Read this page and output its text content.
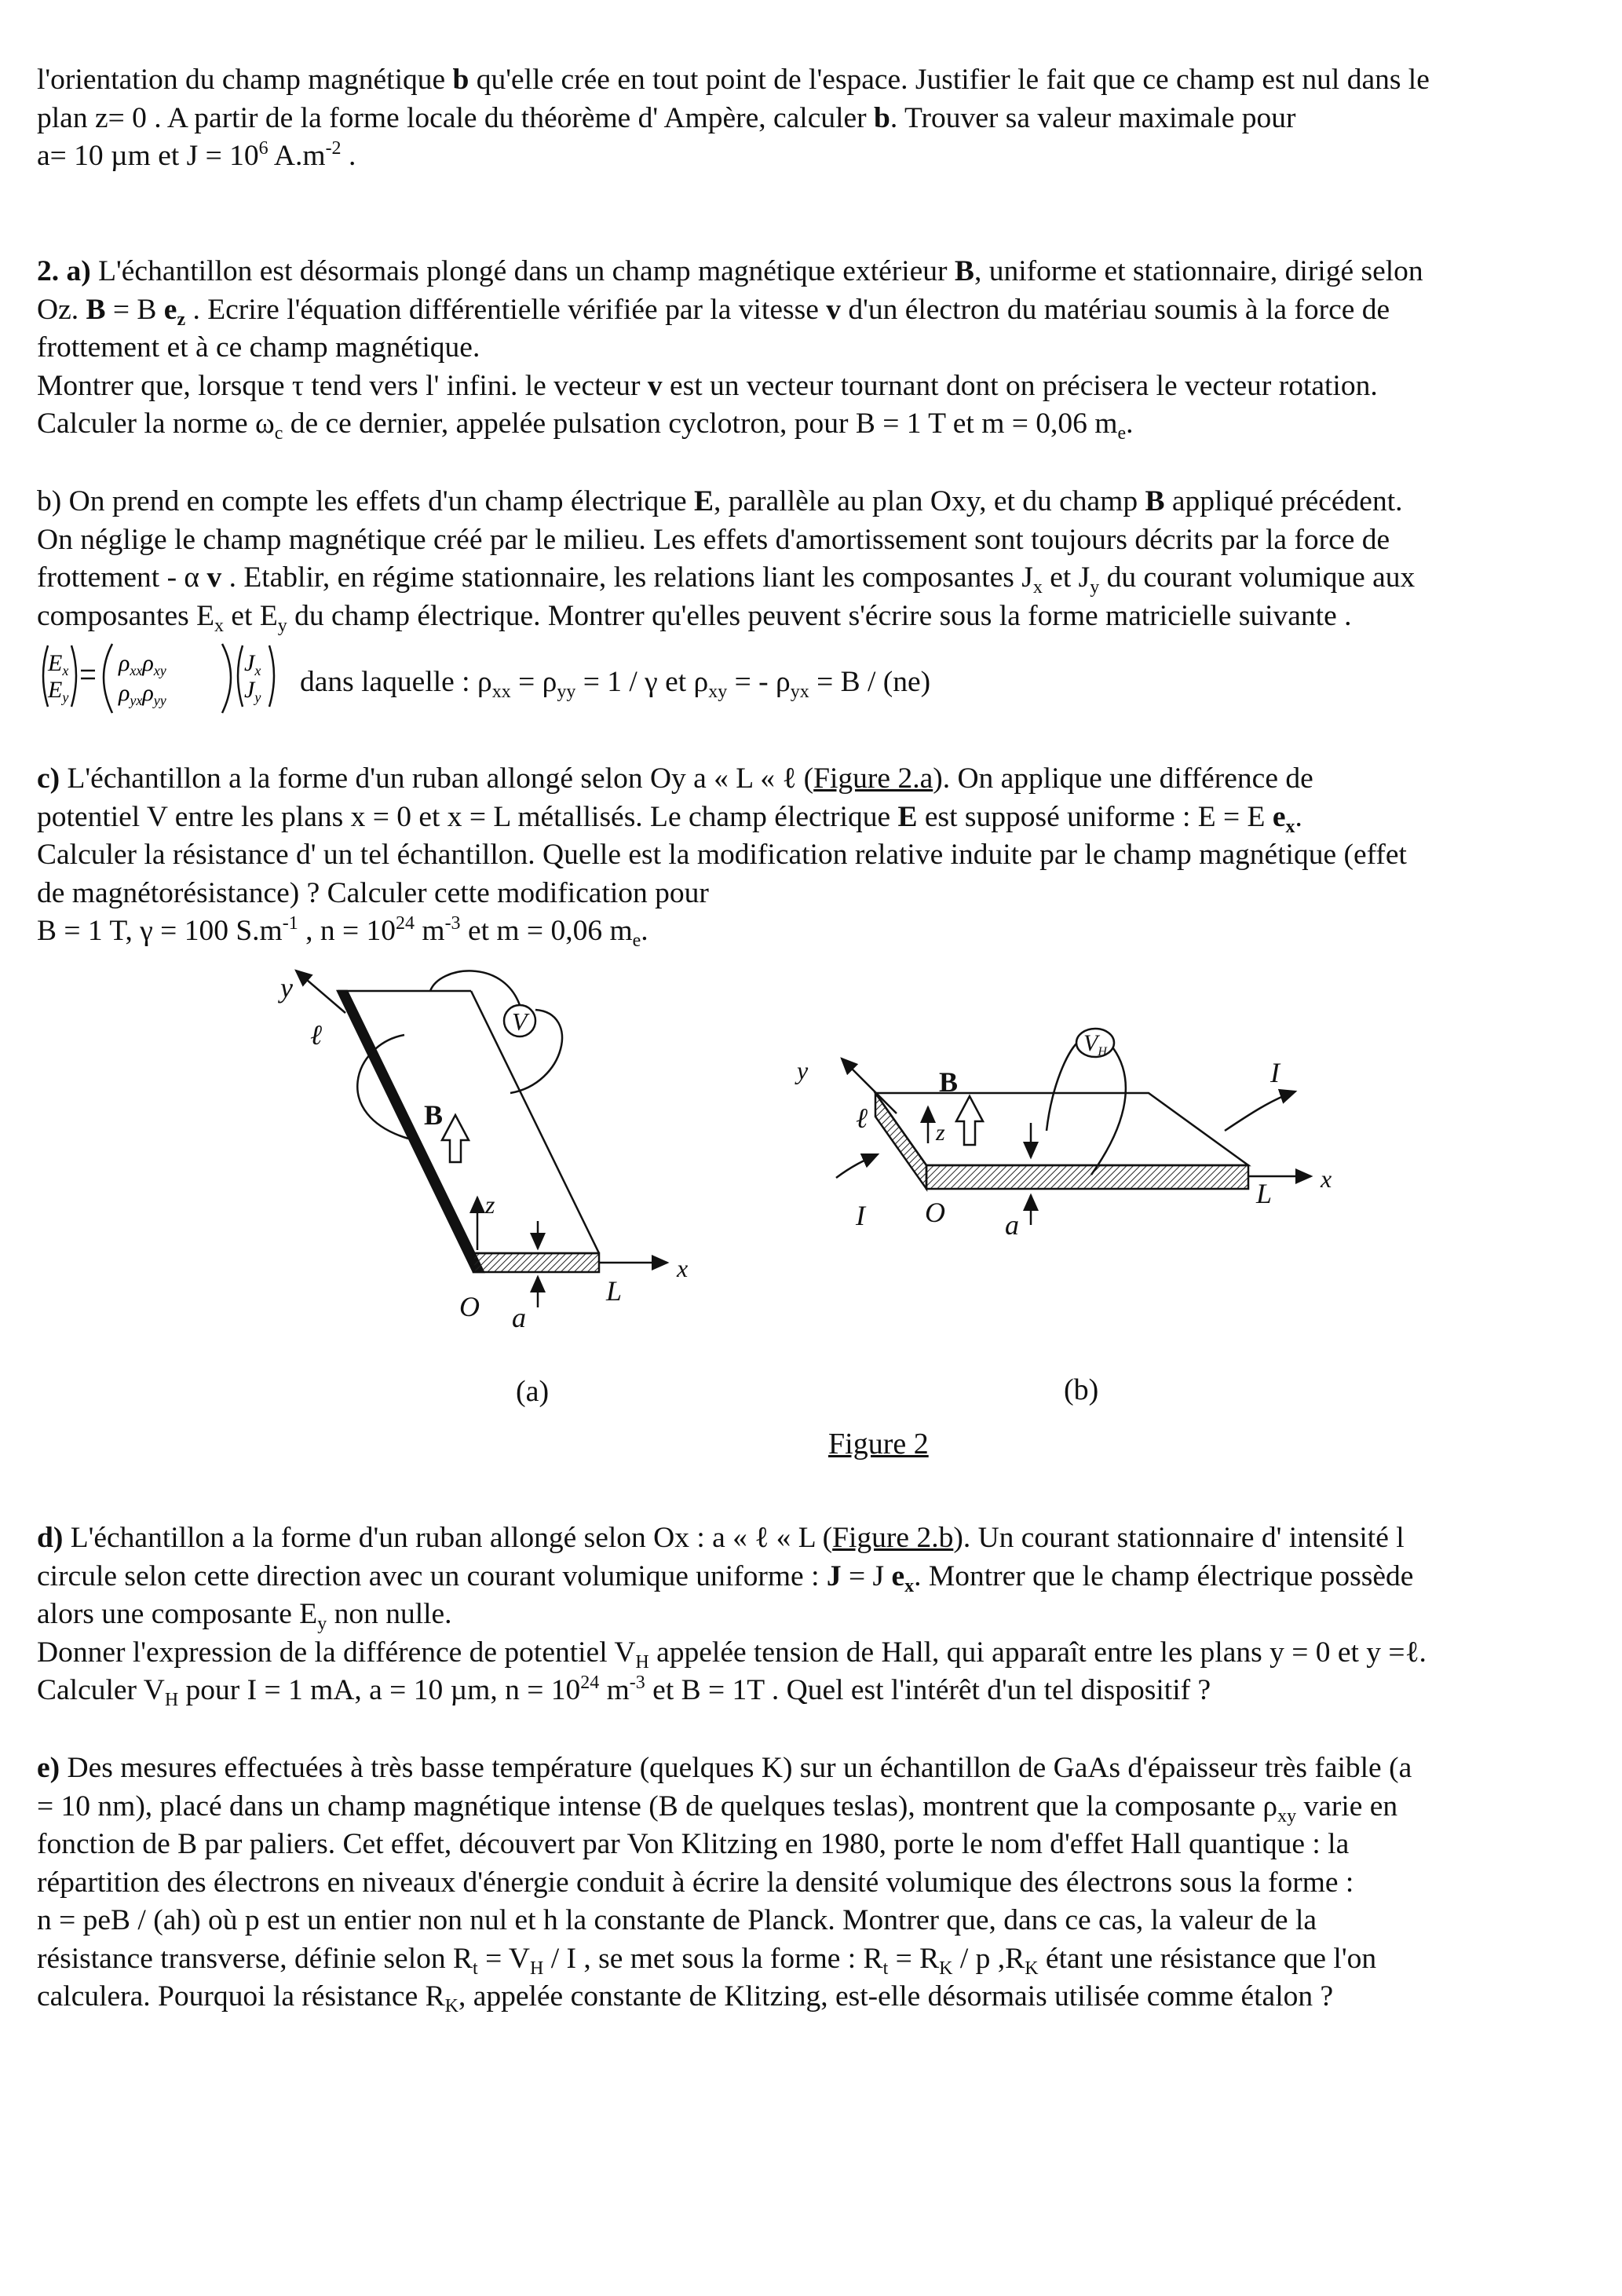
l'orientation du champ magnétique b qu'elle crée en tout point de l'espace. Justifier le fait que ce champ est nul dans le
plan z= 0 . A partir de la forme locale du théorème d' Ampère, calculer b. Trouver sa valeur maximale pour
a= 10 µm et $J = 10^6$ $A.m^{-2}$ .
2. a) L'échantillon est désormais plongé dans un champ magnétique extérieur B, uniforme et stationnaire, dirigé selon
Oz. B = B $e_z$ . Ecrire l'équation différentielle vérifiée par la vitesse v d'un électron du matériau soumis à la force de
frottement et à ce champ magnétique.
Montrer que, lorsque τ tend vers l' infini. le vecteur v est un vecteur tournant dont on précisera le vecteur rotation.
Calculer la norme $\omega_c$ de ce dernier, appelée pulsation cyclotron, pour B = 1 T et m = 0,06 $m_e$.
b) On prend en compte les effets d'un champ électrique E, parallèle au plan Oxy, et du champ B appliqué précédent.
On néglige le champ magnétique créé par le milieu. Les effets d'amortissement sont toujours décrits par la force de
frottement - α v . Etablir, en régime stationnaire, les relations liant les composantes $J_x$ et $J_y$ du courant volumique aux
composantes $E_x$ et $E_y$ du champ électrique. Montrer qu'elles peuvent s'écrire sous la forme matricielle suivante .
$E_x$
$E_y$
$\rho_{xx}\rho_{xy}$
$\rho_{yx}\rho_{yy}$
$J_x$
$J_y$ dans laquelle : $\rho_{xx} = \rho_{yy} = 1 / \gamma$ et $\rho_{xy}$ = - $\rho_{yx} = B / (ne)$
c) L'échantillon a la forme d'un ruban allongé selon Oy a « L « ℓ (Figure 2.a). On applique une différence de
potentiel V entre les plans x = 0 et x = L métallisés. Le champ électrique E est supposé uniforme : E = E $e_x$.
Calculer la résistance d' un tel échantillon. Quelle est la modification relative induite par le champ magnétique (effet
de magnétorésistance) ? Calculer cette modification pour
B = 1 T, γ = 100 $S.m^{-1}$ , $n = 10^{24}$ $m^{-3}$ et m = 0,06 $m_e$.
y
ℓ	V
B
z
x
O a
L
y
ℓ
$V_H$
B
z
x
O a
L
I
I
(a)	(b)
Figure 2
d) L'échantillon a la forme d'un ruban allongé selon Ox : a « ℓ « L (Figure 2.b). Un courant stationnaire d' intensité l
circule selon cette direction avec un courant volumique uniforme : J = J $e_x$. Montrer que le champ électrique possède
alors une composante $E_y$ non nulle.
Donner l'expression de la différence de potentiel $V_H$ appelée tension de Hall, qui apparaît entre les plans y = 0 et y =ℓ.
Calculer $V_H$ pour I = 1 mA, a = 10 µm, $n = 10^{24}$ $m^{-3}$ et B = 1T . Quel est l'intérêt d'un tel dispositif ?
e) Des mesures effectuées à très basse température (quelques K) sur un échantillon de GaAs d'épaisseur très faible (a
= 10 nm), placé dans un champ magnétique intense (B de quelques teslas), montrent que la composante $\rho_{xy}$ varie en
fonction de B par paliers. Cet effet, découvert par Von Klitzing en 1980, porte le nom d'effet Hall quantique : la
répartition des électrons en niveaux d'énergie conduit à écrire la densité volumique des électrons sous la forme :
n = peB / (ah) où p est un entier non nul et h la constante de Planck. Montrer que, dans ce cas, la valeur de la
résistance transverse, définie selon $R_t = V_H / I$ , se met sous la forme : $R_t = R_K / p$ $,R_K$ étant une résistance que l'on
calculera. Pourquoi la résistance $R_K$, appelée constante de Klitzing, est-elle désormais utilisée comme étalon ?
